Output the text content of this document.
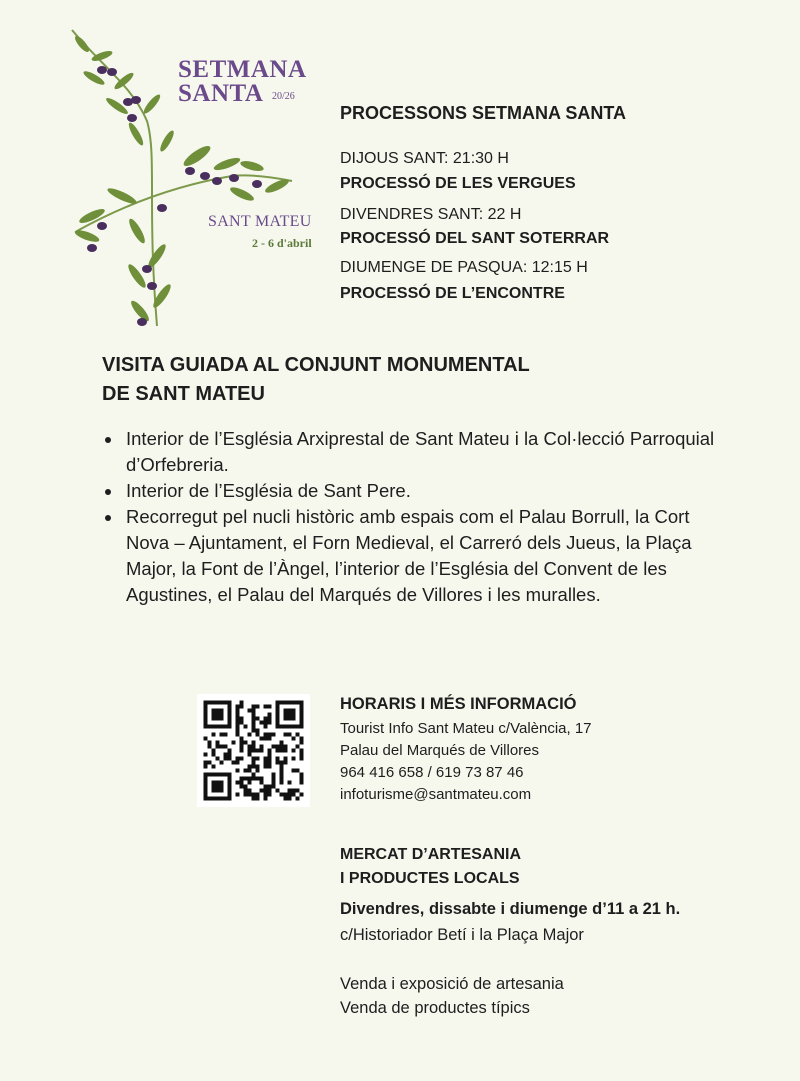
SETMANA
SANTA 20/26
SANT MATEU
2 - 6 d'abril
PROCESSONS SETMANA SANTA
DIJOUS SANT: 21:30 H
PROCESSÓ DE LES VERGUES
DIVENDRES SANT: 22 H
PROCESSÓ DEL SANT SOTERRAR
DIUMENGE DE PASQUA: 12:15 H
PROCESSÓ DE L’ENCONTRE
VISITA GUIADA AL CONJUNT MONUMENTAL
DE SANT MATEU
Interior de l’Església Arxiprestal de Sant Mateu i la Col·lecció Parroquial d’Orfebreria.
Interior de l’Església de Sant Pere.
Recorregut pel nucli històric amb espais com el Palau Borrull, la Cort Nova – Ajuntament, el Forn Medieval, el Carreró dels Jueus, la Plaça Major, la Font de l’Àngel, l’interior de l’Església del Convent de les Agustines, el Palau del Marqués de Villores i les muralles.
HORARIS I MÉS INFORMACIÓ
Tourist Info Sant Mateu c/València, 17
Palau del Marqués de Villores
964 416 658 / 619 73 87 46
infoturisme@santmateu.com
MERCAT D’ARTESANIA
I PRODUCTES LOCALS
Divendres, dissabte i diumenge d’11 a 21 h.
c/Historiador Betí i la Plaça Major
Venda i exposició de artesania
Venda de productes típics
